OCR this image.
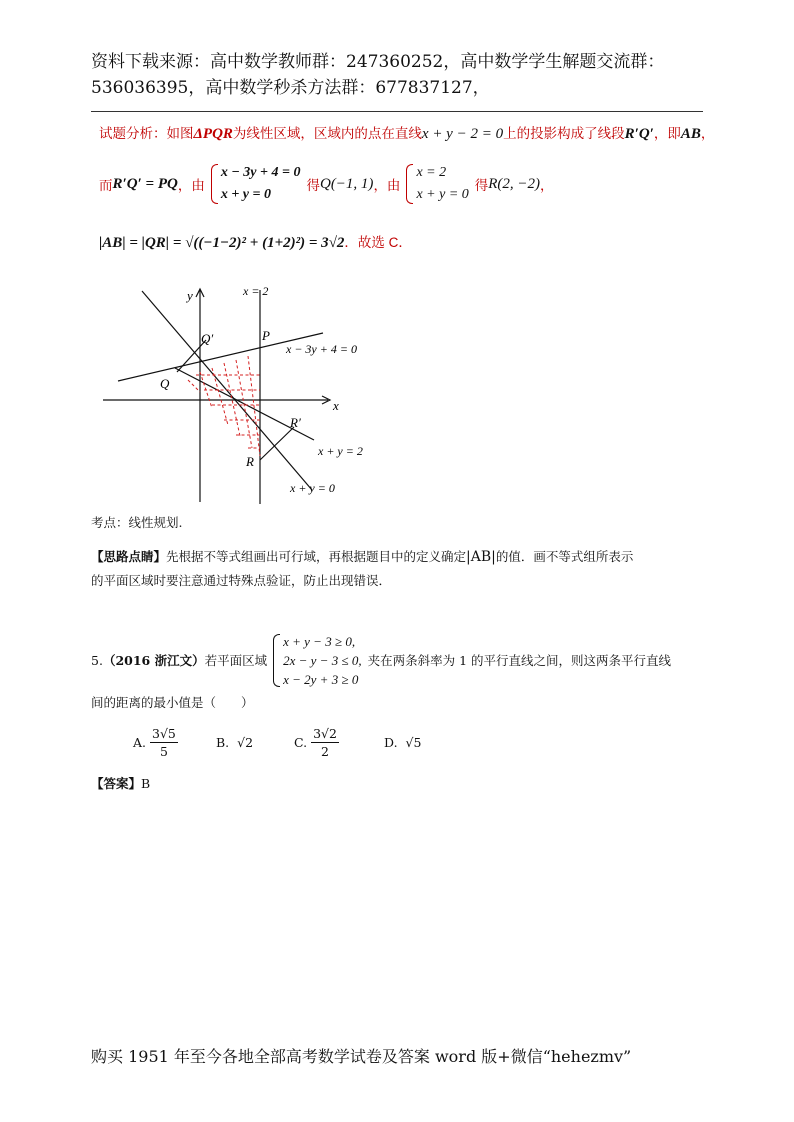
资料下载来源：高中数学教师群：247360252，高中数学学生解题交流群：
536036395，高中数学秒杀方法群：677837127，
试题分析：如图ΔPQR为线性区域，区域内的点在直线x + y − 2 = 0上的投影构成了线段R′Q′，即AB，
而 R′Q′ = PQ ，由
x − 3y + 4 = 0
x + y = 0
得 Q(−1, 1) ，由
x = 2
x + y = 0
得 R(2, −2) ，
|AB| = |QR| = √((−1−2)² + (1+2)²) = 3√2．故选 C．
x = 2
y
x
Q′	P
x − 3y + 4 = 0
Q
R′
x + y = 2
R
x + y = 0
考点：线性规划.
【思路点睛】先根据不等式组画出可行域，再根据题目中的定义确定|AB|的值．画不等式组所表示
的平面区域时要注意通过特殊点验证，防止出现错误．
5. （2016 浙江文） 若平面区域
x + y − 3 ≥ 0,
2x − y − 3 ≤ 0,
x − 2y + 3 ≥ 0
夹在两条斜率为 1 的平行直线之间，则这两条平行直线
间的距离的最小值是（　　）
A. $\frac{3√5}{5}$	B. √2	C. $\frac{3√2}{2}$	D. √5
【答案】B
购买 1951 年至今各地全部高考数学试卷及答案 word 版+微信“hehezmv”
